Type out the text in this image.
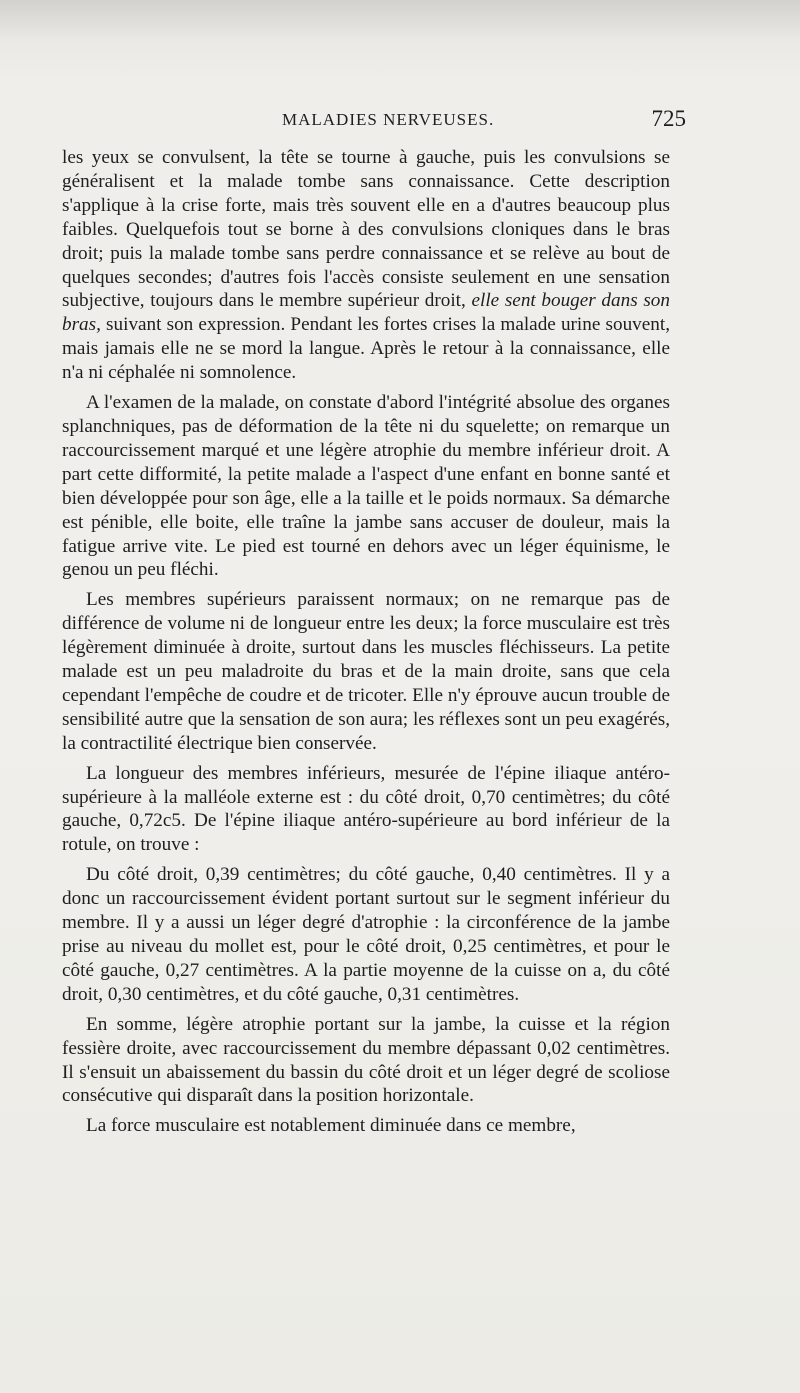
MALADIES NERVEUSES.	725

les yeux se convulsent, la tête se tourne à gauche, puis les convulsions se généralisent et la malade tombe sans connaissance. Cette description s'applique à la crise forte, mais très souvent elle en a d'autres beaucoup plus faibles. Quelquefois tout se borne à des convulsions cloniques dans le bras droit; puis la malade tombe sans perdre connaissance et se relève au bout de quelques secondes; d'autres fois l'accès consiste seulement en une sensation subjective, toujours dans le membre supérieur droit, elle sent bouger dans son bras, suivant son expression. Pendant les fortes crises la malade urine souvent, mais jamais elle ne se mord la langue. Après le retour à la connaissance, elle n'a ni céphalée ni somnolence.

A l'examen de la malade, on constate d'abord l'intégrité absolue des organes splanchniques, pas de déformation de la tête ni du squelette; on remarque un raccourcissement marqué et une légère atrophie du membre inférieur droit. A part cette difformité, la petite malade a l'aspect d'une enfant en bonne santé et bien développée pour son âge, elle a la taille et le poids normaux. Sa démarche est pénible, elle boite, elle traîne la jambe sans accuser de douleur, mais la fatigue arrive vite. Le pied est tourné en dehors avec un léger équinisme, le genou un peu fléchi.

Les membres supérieurs paraissent normaux; on ne remarque pas de différence de volume ni de longueur entre les deux; la force musculaire est très légèrement diminuée à droite, surtout dans les muscles fléchisseurs. La petite malade est un peu maladroite du bras et de la main droite, sans que cela cependant l'empêche de coudre et de tricoter. Elle n'y éprouve aucun trouble de sensibilité autre que la sensation de son aura; les réflexes sont un peu exagérés, la contractilité électrique bien conservée.

La longueur des membres inférieurs, mesurée de l'épine iliaque antéro-supérieure à la malléole externe est : du côté droit, 0,70 centimètres; du côté gauche, 0,72c5. De l'épine iliaque antéro-supérieure au bord inférieur de la rotule, on trouve :

Du côté droit, 0,39 centimètres; du côté gauche, 0,40 centimètres. Il y a donc un raccourcissement évident portant surtout sur le segment inférieur du membre. Il y a aussi un léger degré d'atrophie : la circonférence de la jambe prise au niveau du mollet est, pour le côté droit, 0,25 centimètres, et pour le côté gauche, 0,27 centimètres. A la partie moyenne de la cuisse on a, du côté droit, 0,30 centimètres, et du côté gauche, 0,31 centimètres.

En somme, légère atrophie portant sur la jambe, la cuisse et la région fessière droite, avec raccourcissement du membre dépassant 0,02 centimètres. Il s'ensuit un abaissement du bassin du côté droit et un léger degré de scoliose consécutive qui disparaît dans la position horizontale.

La force musculaire est notablement diminuée dans ce membre,
